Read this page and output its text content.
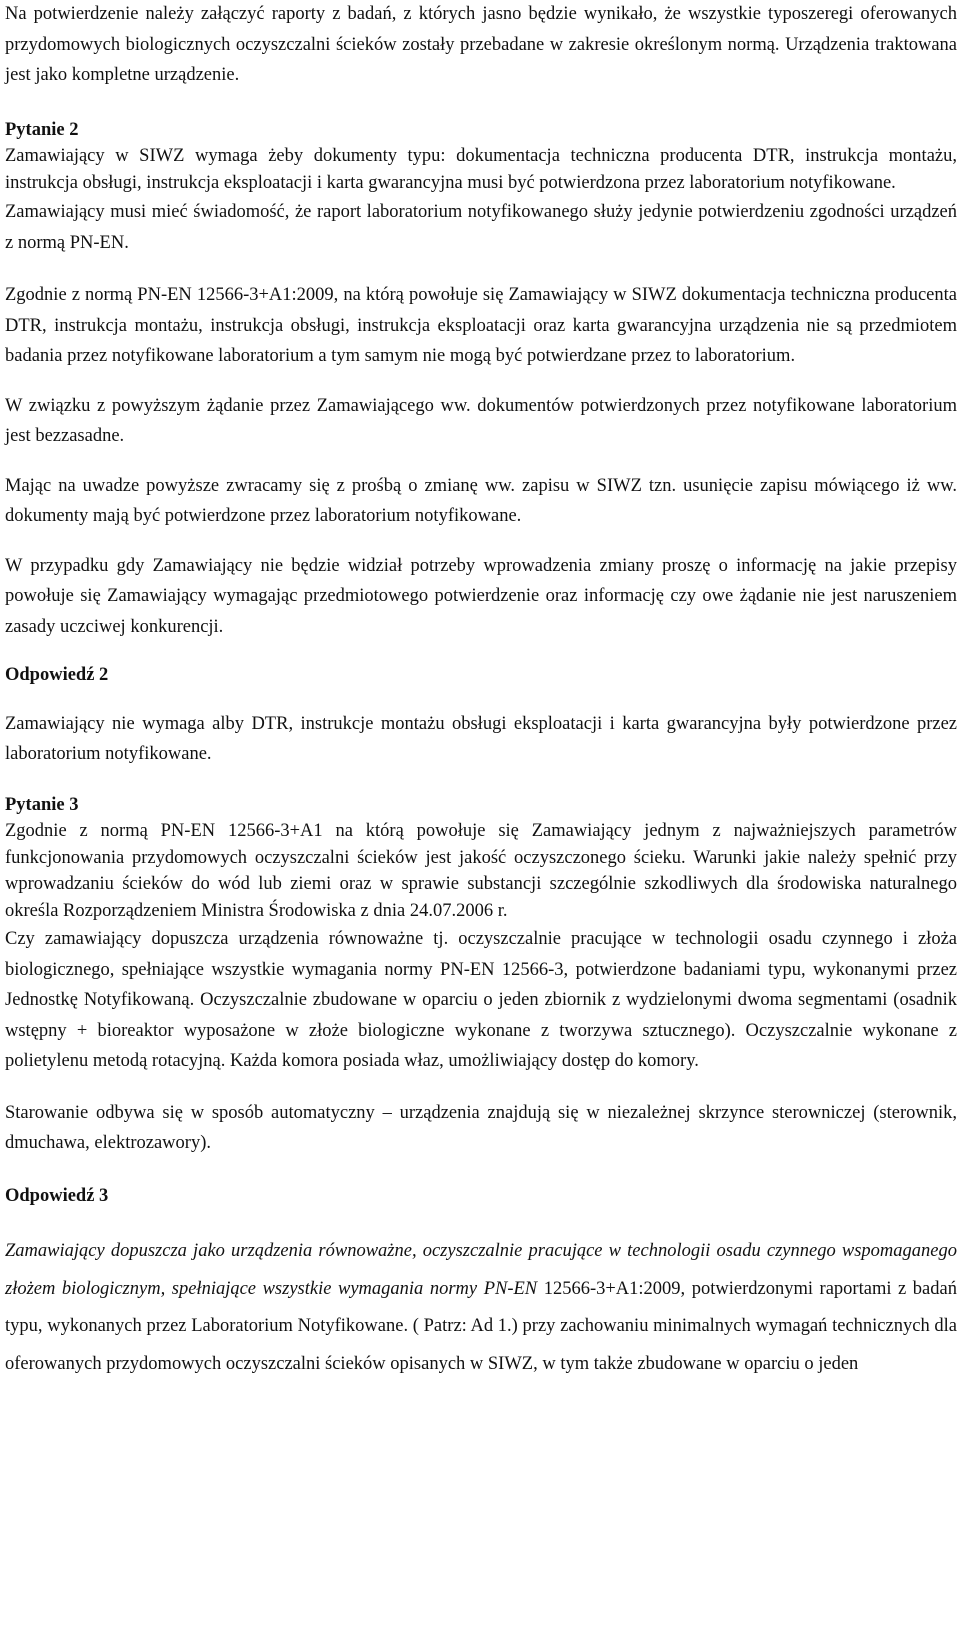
Na potwierdzenie należy załączyć raporty z badań, z których jasno będzie wynikało, że wszystkie typoszeregi oferowanych przydomowych biologicznych oczyszczalni ścieków zostały przebadane w zakresie określonym normą. Urządzenia traktowana jest jako kompletne urządzenie.

Pytanie 2

Zamawiający w SIWZ wymaga żeby dokumenty typu: dokumentacja techniczna producenta DTR, instrukcja montażu, instrukcja obsługi, instrukcja eksploatacji i karta gwarancyjna musi być potwierdzona przez laboratorium notyfikowane.

Zamawiający musi mieć świadomość, że raport laboratorium notyfikowanego służy jedynie potwierdzeniu zgodności urządzeń z normą PN-EN.

Zgodnie z normą PN-EN 12566-3+A1:2009, na którą powołuje się Zamawiający w SIWZ dokumentacja techniczna producenta DTR, instrukcja montażu, instrukcja obsługi, instrukcja eksploatacji oraz karta gwarancyjna urządzenia nie są przedmiotem badania przez notyfikowane laboratorium a tym samym nie mogą być potwierdzane przez to laboratorium.

W związku z powyższym żądanie przez Zamawiającego ww. dokumentów potwierdzonych przez notyfikowane laboratorium jest bezzasadne.

Mając na uwadze powyższe zwracamy się z prośbą o zmianę ww. zapisu w SIWZ tzn. usunięcie zapisu mówiącego iż ww. dokumenty mają być potwierdzone przez laboratorium notyfikowane.

W przypadku gdy Zamawiający nie będzie widział potrzeby wprowadzenia zmiany proszę o informację na jakie przepisy powołuje się Zamawiający wymagając przedmiotowego potwierdzenie oraz informację czy owe żądanie nie jest naruszeniem zasady uczciwej konkurencji.

Odpowiedź 2

Zamawiający nie wymaga alby DTR, instrukcje montażu obsługi eksploatacji i karta gwarancyjna były potwierdzone przez laboratorium notyfikowane.

Pytanie 3

Zgodnie z normą PN-EN 12566-3+A1 na którą powołuje się Zamawiający jednym z najważniejszych parametrów funkcjonowania przydomowych oczyszczalni ścieków jest jakość oczyszczonego ścieku. Warunki jakie należy spełnić przy wprowadzaniu ścieków do wód lub ziemi oraz w sprawie substancji szczególnie szkodliwych dla środowiska naturalnego określa Rozporządzeniem Ministra Środowiska z dnia 24.07.2006 r.

Czy zamawiający dopuszcza urządzenia równoważne tj. oczyszczalnie pracujące w technologii osadu czynnego i złoża biologicznego, spełniające wszystkie wymagania normy PN-EN 12566-3, potwierdzone badaniami typu, wykonanymi przez Jednostkę Notyfikowaną. Oczyszczalnie zbudowane w oparciu o jeden zbiornik z wydzielonymi dwoma segmentami (osadnik wstępny + bioreaktor wyposażone w złoże biologiczne wykonane z tworzywa sztucznego). Oczyszczalnie wykonane z polietylenu metodą rotacyjną. Każda komora posiada właz, umożliwiający dostęp do komory.

Starowanie odbywa się w sposób automatyczny – urządzenia znajdują się w niezależnej skrzynce sterowniczej (sterownik, dmuchawa, elektrozawory).

Odpowiedź 3

Zamawiający dopuszcza jako urządzenia równoważne, oczyszczalnie pracujące w technologii osadu czynnego wspomaganego złożem biologicznym, spełniające wszystkie wymagania normy PN-EN 12566-3+A1:2009, potwierdzonymi raportami z badań typu, wykonanych przez Laboratorium Notyfikowane. ( Patrz: Ad 1.) przy zachowaniu minimalnych wymagań technicznych dla oferowanych przydomowych oczyszczalni ścieków opisanych w SIWZ, w tym także zbudowane w oparciu o jeden
